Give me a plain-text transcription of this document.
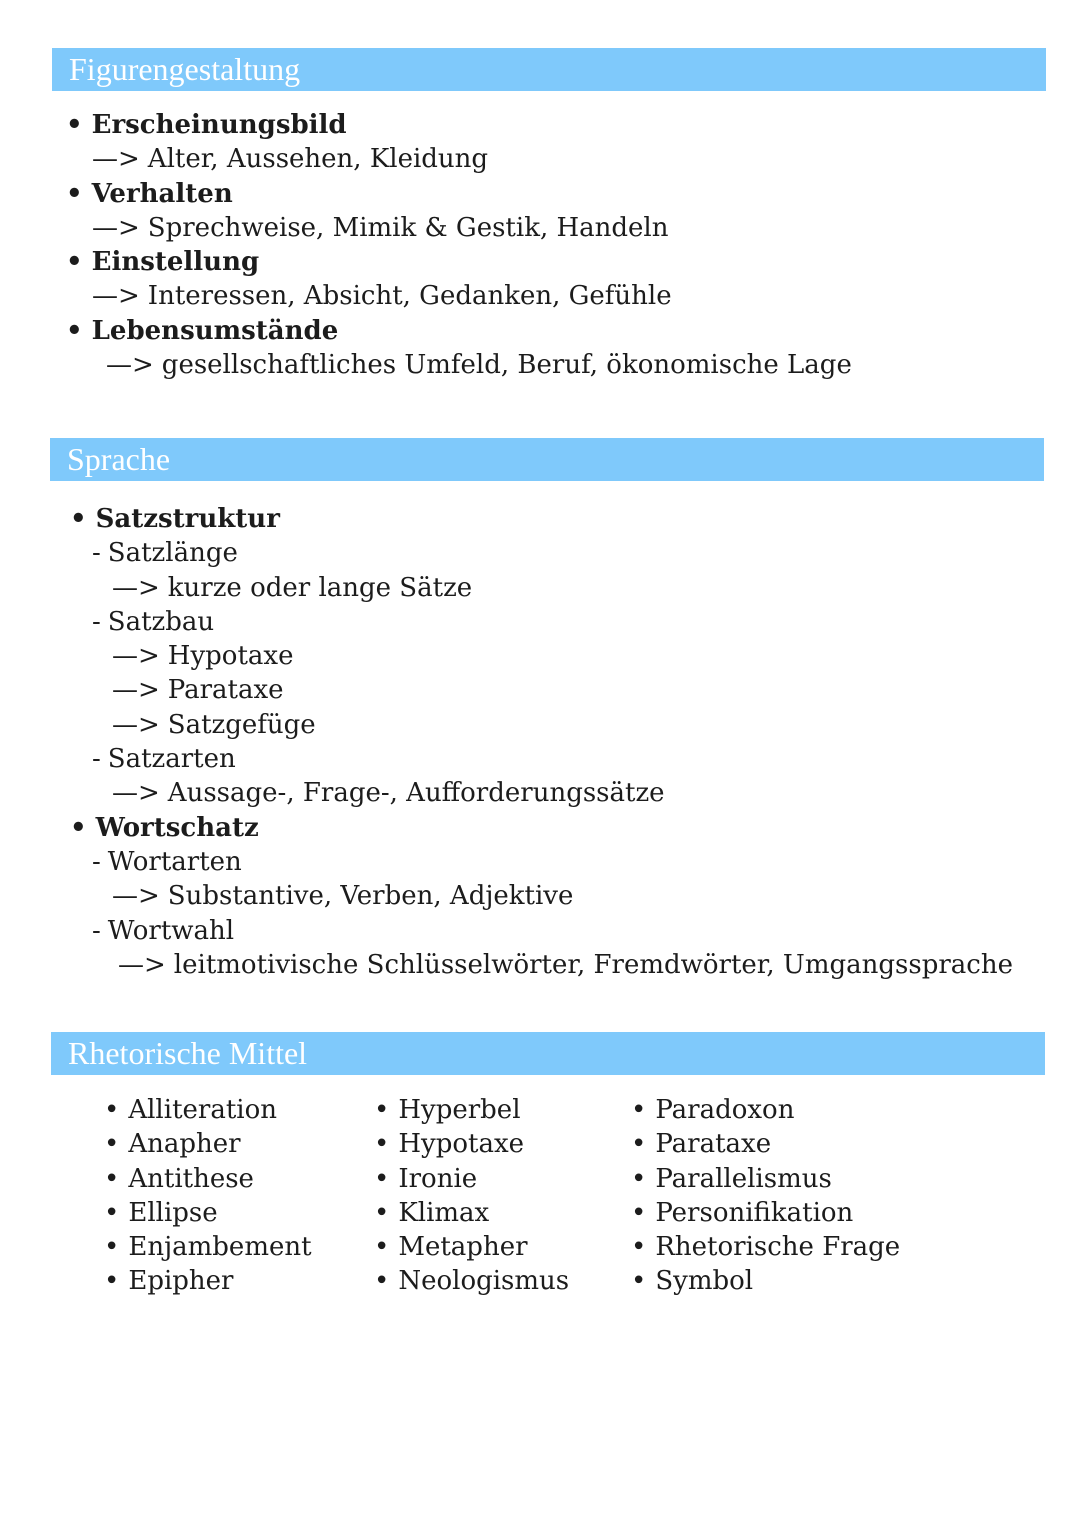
Figurengestaltung
• Erscheinungsbild
—> Alter, Aussehen, Kleidung
• Verhalten
—> Sprechweise, Mimik & Gestik, Handeln
• Einstellung
—> Interessen, Absicht, Gedanken, Gefühle
• Lebensumstände
—> gesellschaftliches Umfeld, Beruf, ökonomische Lage
Sprache
• Satzstruktur
- Satzlänge
—> kurze oder lange Sätze
- Satzbau
—> Hypotaxe
—> Parataxe
—> Satzgefüge
- Satzarten
—> Aussage-, Frage-, Aufforderungssätze
• Wortschatz
- Wortarten
—> Substantive, Verben, Adjektive
- Wortwahl
—> leitmotivische Schlüsselwörter, Fremdwörter, Umgangssprache
Rhetorische Mittel
• Alliteration
• Anapher
• Antithese
• Ellipse
• Enjambement
• Epipher
• Hyperbel
• Hypotaxe
• Ironie
• Klimax
• Metapher
• Neologismus
• Paradoxon
• Parataxe
• Parallelismus
• Personifikation
• Rhetorische Frage
• Symbol
